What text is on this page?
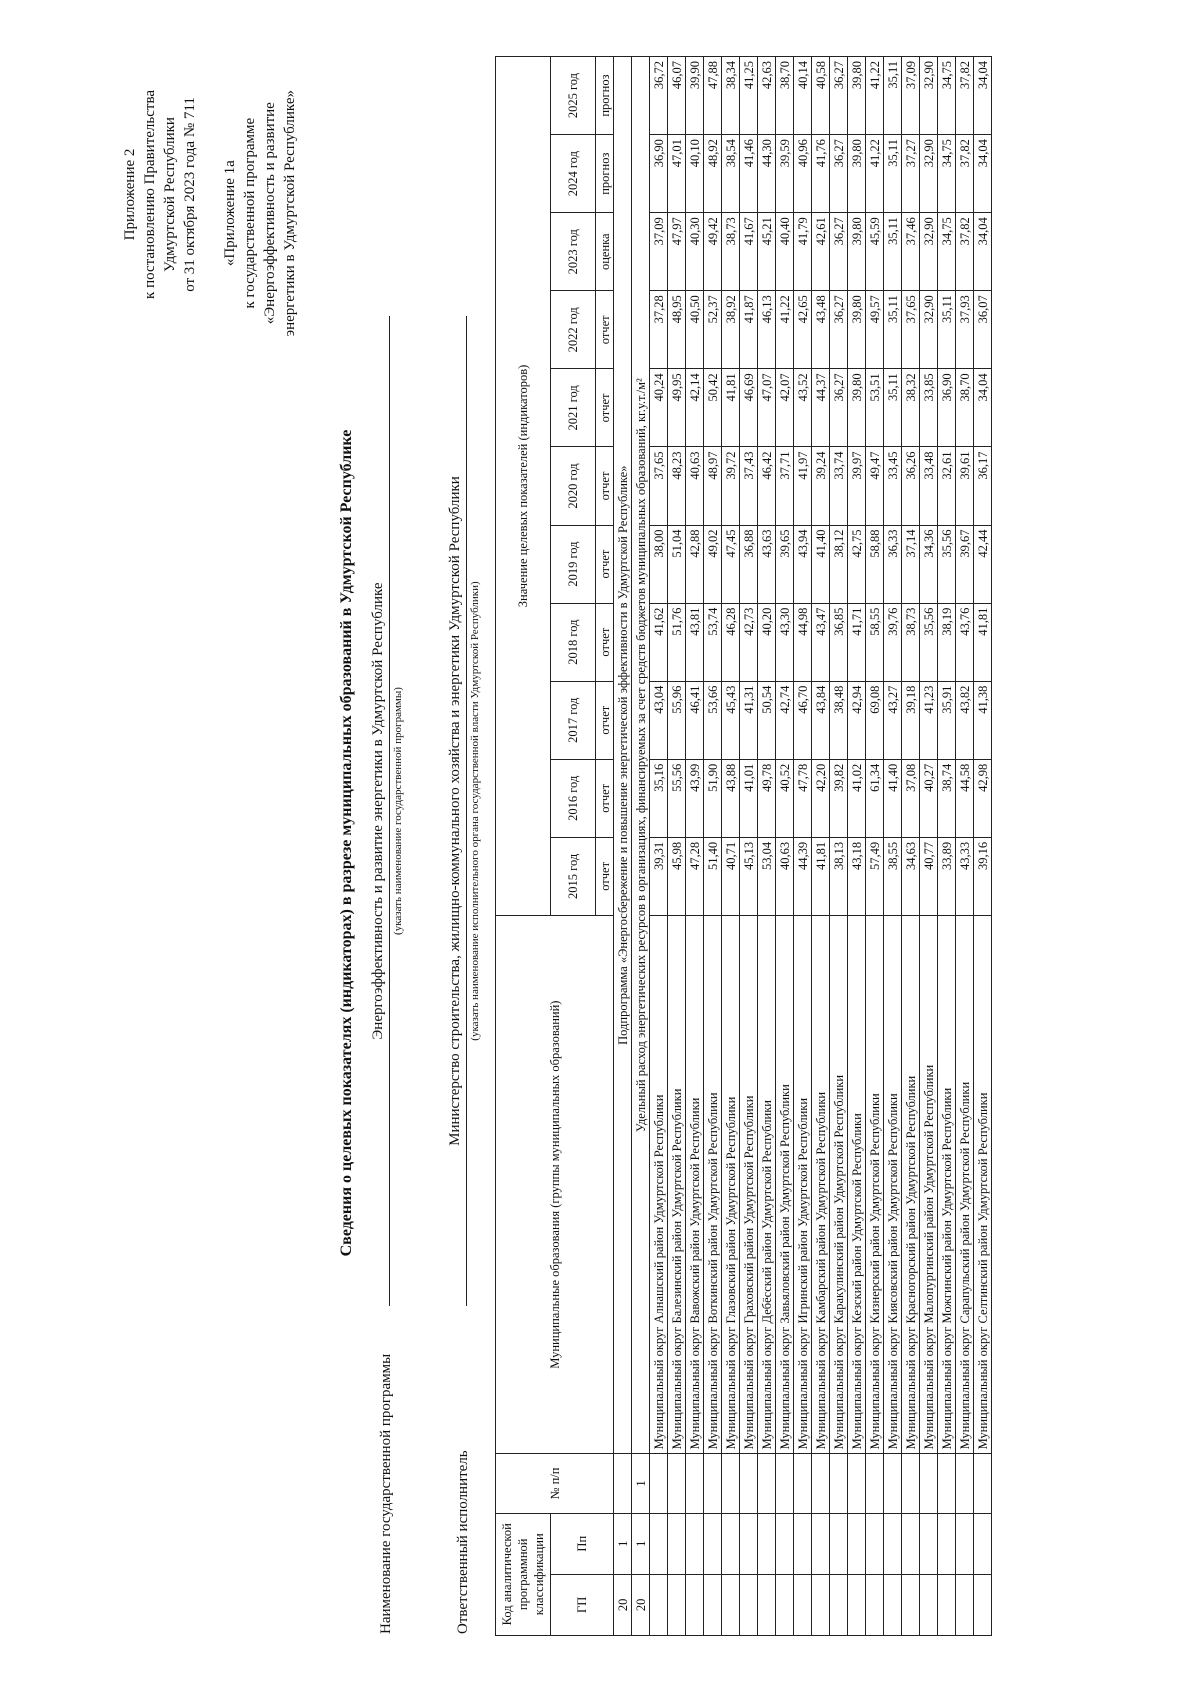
Приложение 2 к постановлению Правительства Удмуртской Республики от 31 октября 2023 года № 711 «Приложение 1а к государственной программе «Энергоэффективность и развитие энергетики в Удмуртской Республике»
Сведения о целевых показателях (индикаторах) в разрезе муниципальных образований в Удмуртской Республике
Наименование государственной программы
Энергоэффективность и развитие энергетики в Удмуртской Республике (указать наименование государственной программы)
Ответственный исполнитель
Министерство строительства, жилищно-коммунального хозяйства и энергетики Удмуртской Республики (указать наименование исполнительного органа государственной власти Удмуртской Республики)
Код аналитической программной классификации		№ п/п	Муниципальные образования (группы муниципальных образований)	Значение целевых показателей (индикаторов)										
ГП	Пп			2015 год	2016 год	2017 год	2018 год	2019 год	2020 год	2021 год	2022 год	2023 год	2024 год	2025 год
				отчет	отчет	отчет	отчет	отчет	отчет	отчет	отчет	оценка	прогноз	прогноз
20	1		Подпрограмма «Энергосбережение и повышение энергетической эффективности в Удмуртской Республике»											
20	1	1	Удельный расход энергетических ресурсов в организациях, финансируемых за счет средств бюджетов муниципальных образований, кг.у.т./м²											
			Муниципальный округ Алнашский район Удмуртской Республики	39,31	35,16	43,04	41,62	38,00	37,65	40,24	37,28	37,09	36,90	36,72
			Муниципальный округ Балезинский район Удмуртской Республики	45,98	55,56	55,96	51,76	51,04	48,23	49,95	48,95	47,97	47,01	46,07
			Муниципальный округ Вавожский район Удмуртской Республики	47,28	43,99	46,41	43,81	42,88	40,63	42,14	40,50	40,30	40,10	39,90
			Муниципальный округ Воткинский район Удмуртской Республики	51,40	51,90	53,66	53,74	49,02	48,97	50,42	52,37	49,42	48,92	47,88
			Муниципальный округ Глазовский район Удмуртской Республики	40,71	43,88	45,43	46,28	47,45	39,72	41,81	38,92	38,73	38,54	38,34
			Муниципальный округ Граховский район Удмуртской Республики	45,13	41,01	41,31	42,73	36,88	37,43	46,69	41,87	41,67	41,46	41,25
			Муниципальный округ Дебёсский район Удмуртской Республики	53,04	49,78	50,54	40,20	43,63	46,42	47,07	46,13	45,21	44,30	42,63
			Муниципальный округ Завьяловский район Удмуртской Республики	40,63	40,52	42,74	43,30	39,65	37,71	42,07	41,22	40,40	39,59	38,70
			Муниципальный округ Игринский район Удмуртской Республики	44,39	47,78	46,70	44,98	43,94	41,97	43,52	42,65	41,79	40,96	40,14
			Муниципальный округ Камбарский район Удмуртской Республики	41,81	42,20	43,84	43,47	41,40	39,24	44,37	43,48	42,61	41,76	40,58
			Муниципальный округ Каракулинский район Удмуртской Республики	38,13	39,82	38,48	36,85	38,12	33,74	36,27	36,27	36,27	36,27	36,27
			Муниципальный округ Кезский район Удмуртской Республики	43,18	41,02	42,94	41,71	42,75	39,97	39,80	39,80	39,80	39,80	39,80
			Муниципальный округ Кизнерский район Удмуртской Республики	57,49	61,34	69,08	58,55	58,88	49,47	53,51	49,57	45,59	41,22	41,22
			Муниципальный округ Киясовский район Удмуртской Республики	38,55	41,40	43,27	39,76	36,33	33,45	35,11	35,11	35,11	35,11	35,11
			Муниципальный округ Красногорский район Удмуртской Республики	34,63	37,08	39,18	38,73	37,14	36,26	38,32	37,65	37,46	37,27	37,09
			Муниципальный округ Малопургинский район Удмуртской Республики	40,77	40,27	41,23	35,56	34,36	33,48	33,85	32,90	32,90	32,90	32,90
			Муниципальный округ Можгинский район Удмуртской Республики	33,89	38,74	35,91	38,19	35,56	32,61	36,90	35,11	34,75	34,75	34,75
			Муниципальный округ Сарапульский район Удмуртской Республики	43,33	44,58	43,82	43,76	39,67	39,61	38,70	37,93	37,82	37,82	37,82
			Муниципальный округ Селтинский район Удмуртской Республики	39,16	42,98	41,38	41,81	42,44	36,17	34,04	36,07	34,04	34,04	34,04
